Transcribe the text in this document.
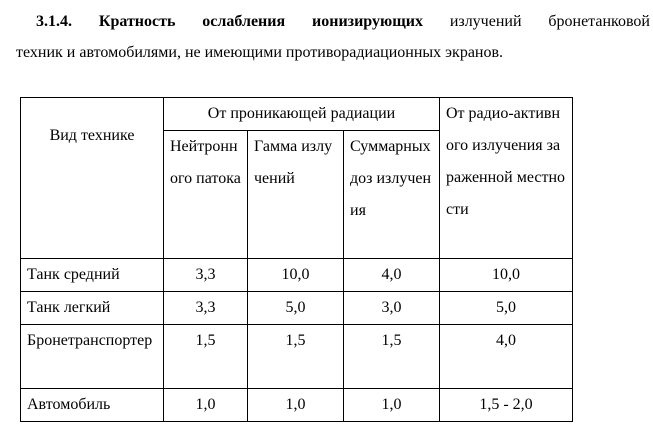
3.1.4. Кратность ослабления ионизирующих излучений бронетанковой
техник и автомобилями, не имеющими противорадиационных экранов.
Вид технике	От проникающей радиации			От радио-активного излучения зараженной местности
	Нейтронного патока	Гамма излучений	Суммарных доз излучения	
Танк средний	3,3	10,0	4,0	10,0
Танк легкий	3,3	5,0	3,0	5,0
Бронетранспортер	1,5	1,5	1,5	4,0
Автомобиль	1,0	1,0	1,0	1,5 - 2,0
